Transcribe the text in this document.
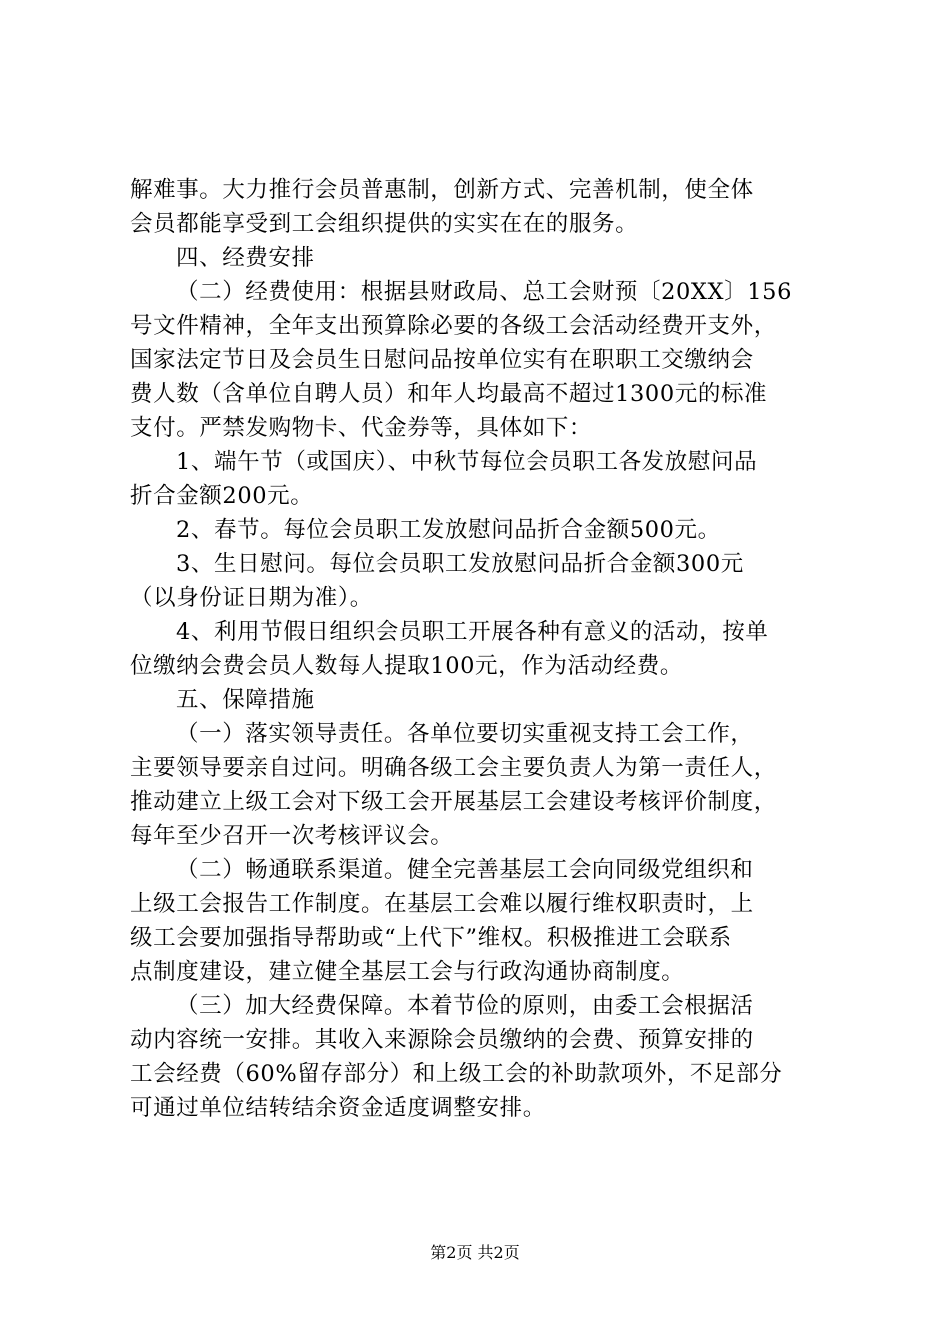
解难事。大力推行会员普惠制，创新方式、完善机制，使全体
会员都能享受到工会组织提供的实实在在的服务。
四、经费安排
（二）经费使用：根据县财政局、总工会财预〔20XX〕156
号文件精神，全年支出预算除必要的各级工会活动经费开支外，
国家法定节日及会员生日慰问品按单位实有在职职工交缴纳会
费人数（含单位自聘人员）和年人均最高不超过1300元的标准
支付。严禁发购物卡、代金券等，具体如下：
1、端午节（或国庆）、中秋节每位会员职工各发放慰问品
折合金额200元。
2、春节。每位会员职工发放慰问品折合金额500元。
3、生日慰问。每位会员职工发放慰问品折合金额300元
（以身份证日期为准）。
4、利用节假日组织会员职工开展各种有意义的活动，按单
位缴纳会费会员人数每人提取100元，作为活动经费。
五、保障措施
（一）落实领导责任。各单位要切实重视支持工会工作，
主要领导要亲自过问。明确各级工会主要负责人为第一责任人，
推动建立上级工会对下级工会开展基层工会建设考核评价制度，
每年至少召开一次考核评议会。
（二）畅通联系渠道。健全完善基层工会向同级党组织和
上级工会报告工作制度。在基层工会难以履行维权职责时，上
级工会要加强指导帮助或“上代下”维权。积极推进工会联系
点制度建设，建立健全基层工会与行政沟通协商制度。
（三）加大经费保障。本着节俭的原则，由委工会根据活
动内容统一安排。其收入来源除会员缴纳的会费、预算安排的
工会经费（60%留存部分）和上级工会的补助款项外，不足部分
可通过单位结转结余资金适度调整安排。
第2页 共2页
